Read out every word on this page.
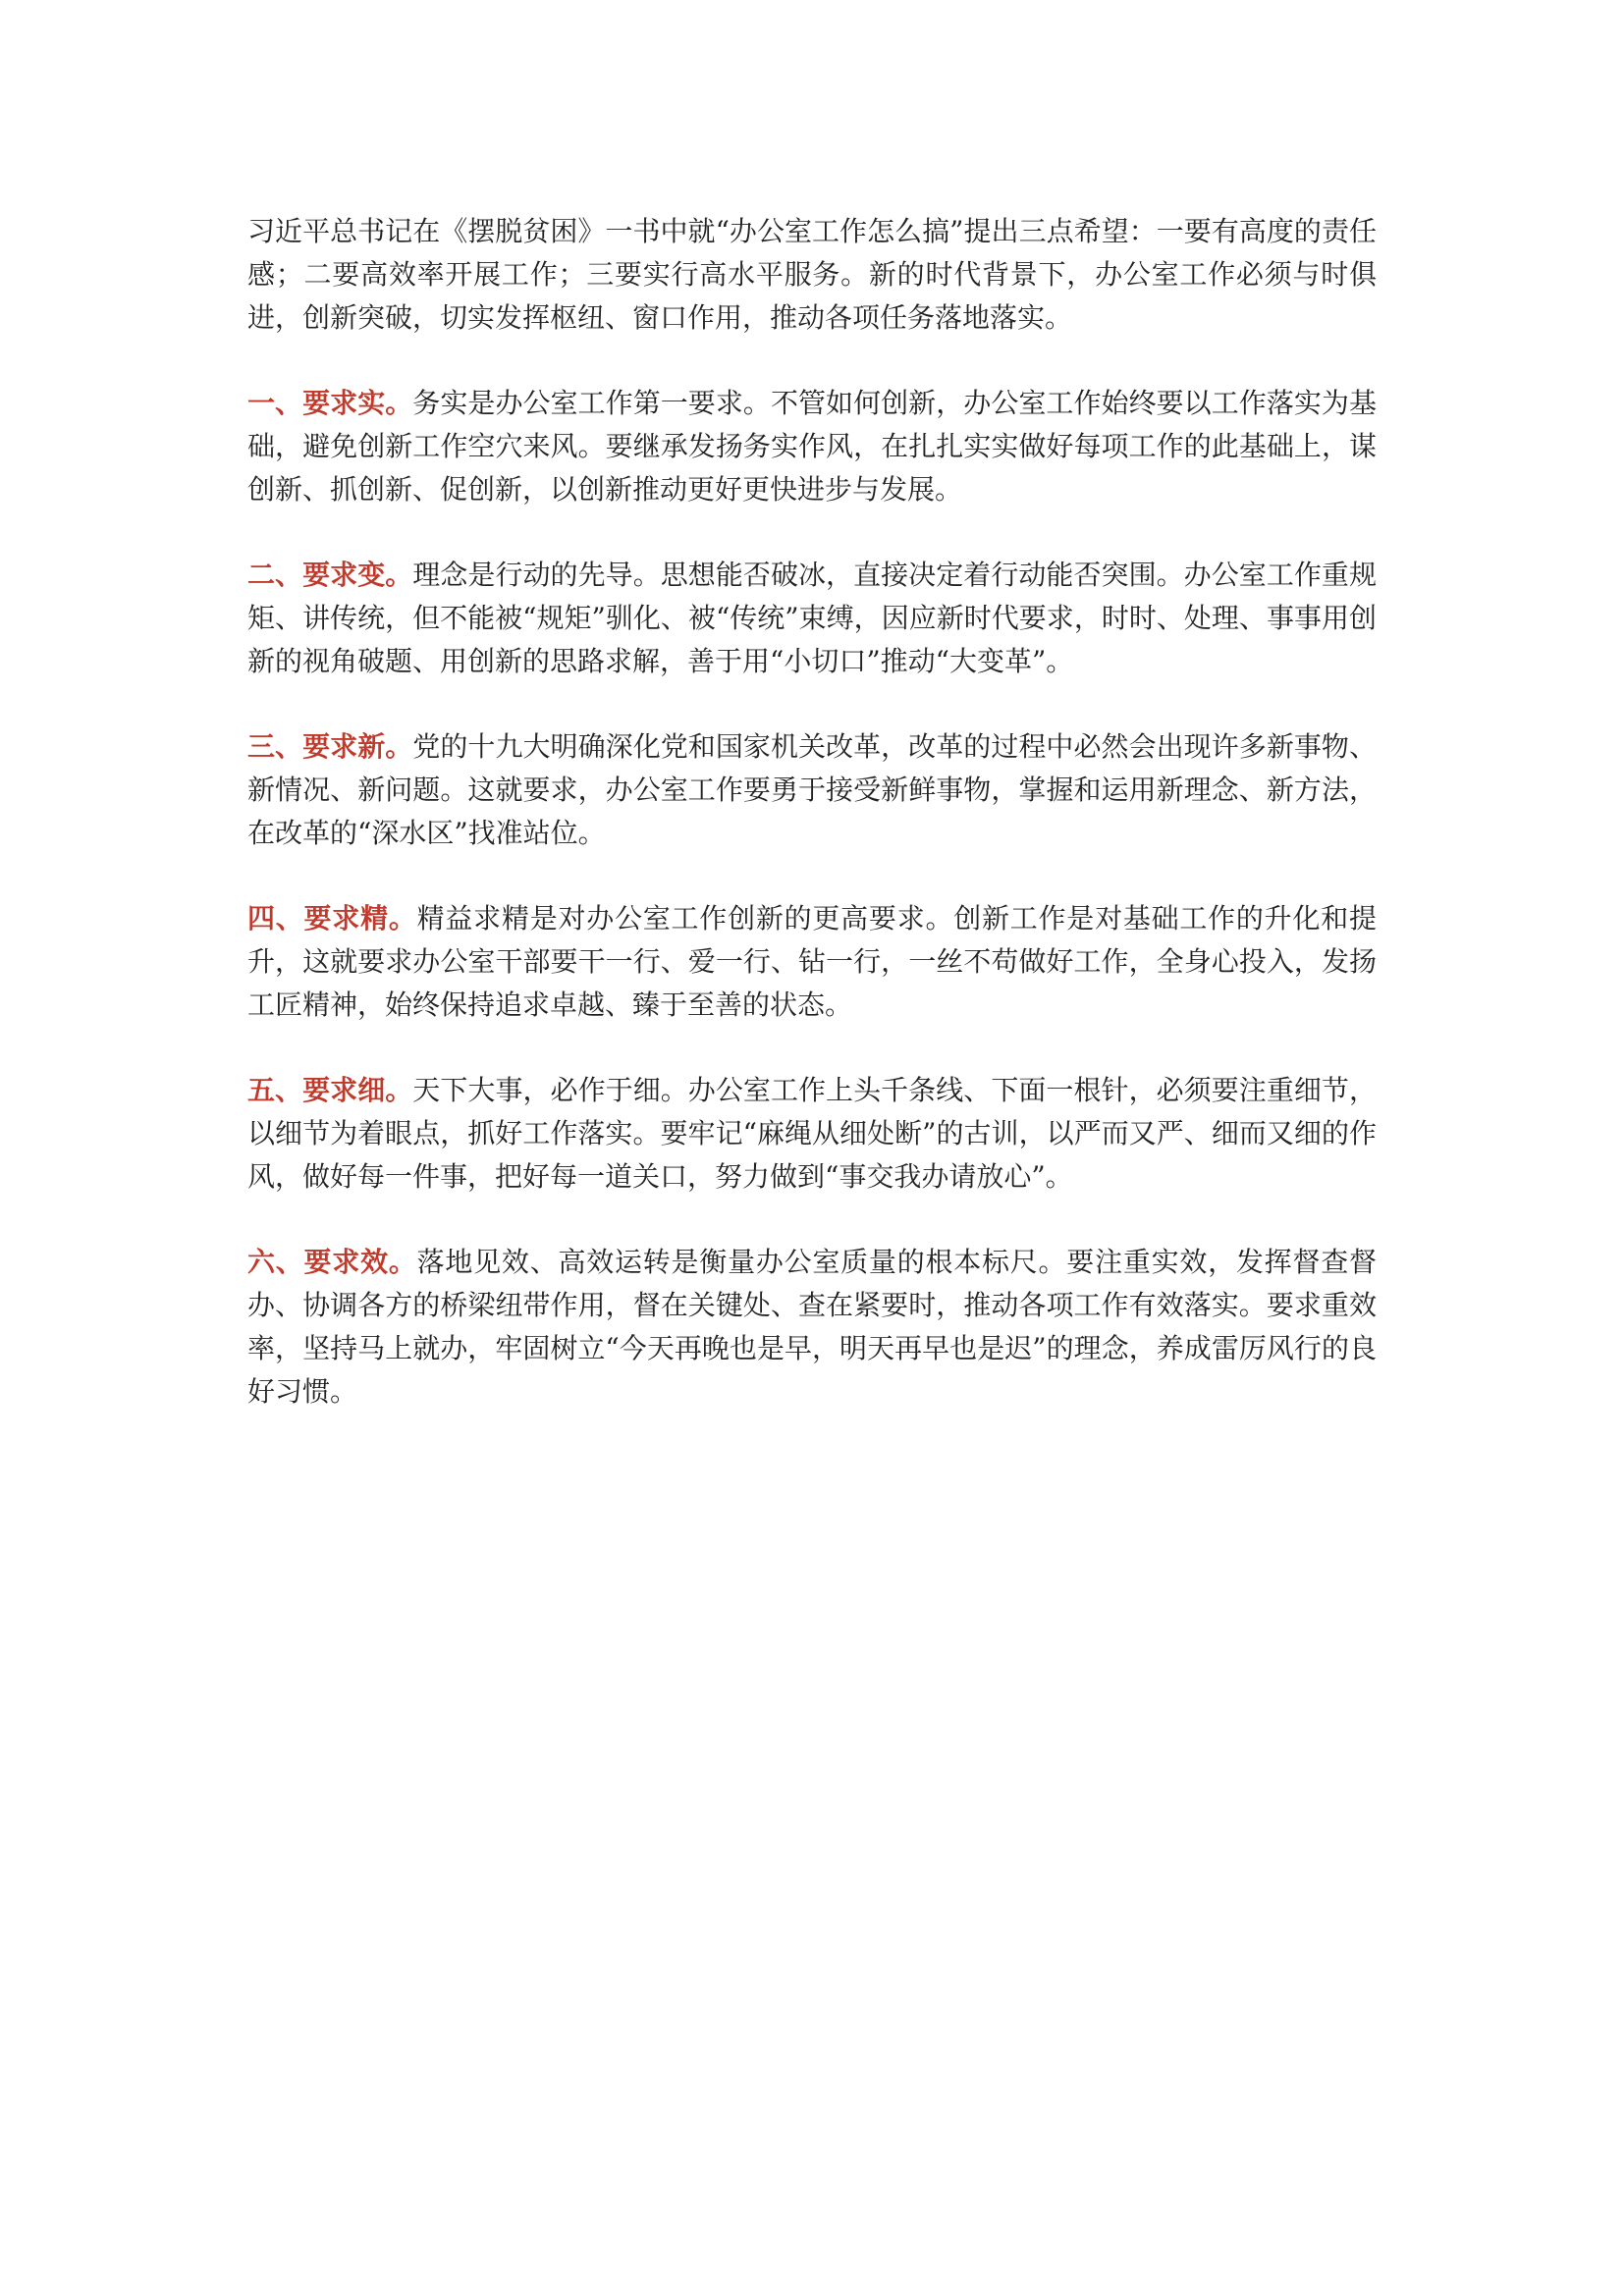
习近平总书记在《摆脱贫困》一书中就“办公室工作怎么搞”提出三点希望：一要有高度的责任感；二要高效率开展工作；三要实行高水平服务。新的时代背景下，办公室工作必须与时俱进，创新突破，切实发挥枢纽、窗口作用，推动各项任务落地落实。

一、要求实。务实是办公室工作第一要求。不管如何创新，办公室工作始终要以工作落实为基础，避免创新工作空穴来风。要继承发扬务实作风，在扎扎实实做好每项工作的此基础上，谋创新、抓创新、促创新，以创新推动更好更快进步与发展。

二、要求变。理念是行动的先导。思想能否破冰，直接决定着行动能否突围。办公室工作重规矩、讲传统，但不能被“规矩”驯化、被“传统”束缚，因应新时代要求，时时、处理、事事用创新的视角破题、用创新的思路求解，善于用“小切口”推动“大变革”。

三、要求新。党的十九大明确深化党和国家机关改革，改革的过程中必然会出现许多新事物、新情况、新问题。这就要求，办公室工作要勇于接受新鲜事物，掌握和运用新理念、新方法，在改革的“深水区”找准站位。

四、要求精。精益求精是对办公室工作创新的更高要求。创新工作是对基础工作的升化和提升，这就要求办公室干部要干一行、爱一行、钻一行，一丝不苟做好工作，全身心投入，发扬工匠精神，始终保持追求卓越、臻于至善的状态。

五、要求细。天下大事，必作于细。办公室工作上头千条线、下面一根针，必须要注重细节，以细节为着眼点，抓好工作落实。要牢记“麻绳从细处断”的古训，以严而又严、细而又细的作风，做好每一件事，把好每一道关口，努力做到“事交我办请放心”。

六、要求效。落地见效、高效运转是衡量办公室质量的根本标尺。要注重实效，发挥督查督办、协调各方的桥梁纽带作用，督在关键处、查在紧要时，推动各项工作有效落实。要求重效率，坚持马上就办，牢固树立“今天再晚也是早，明天再早也是迟”的理念，养成雷厉风行的良好习惯。
